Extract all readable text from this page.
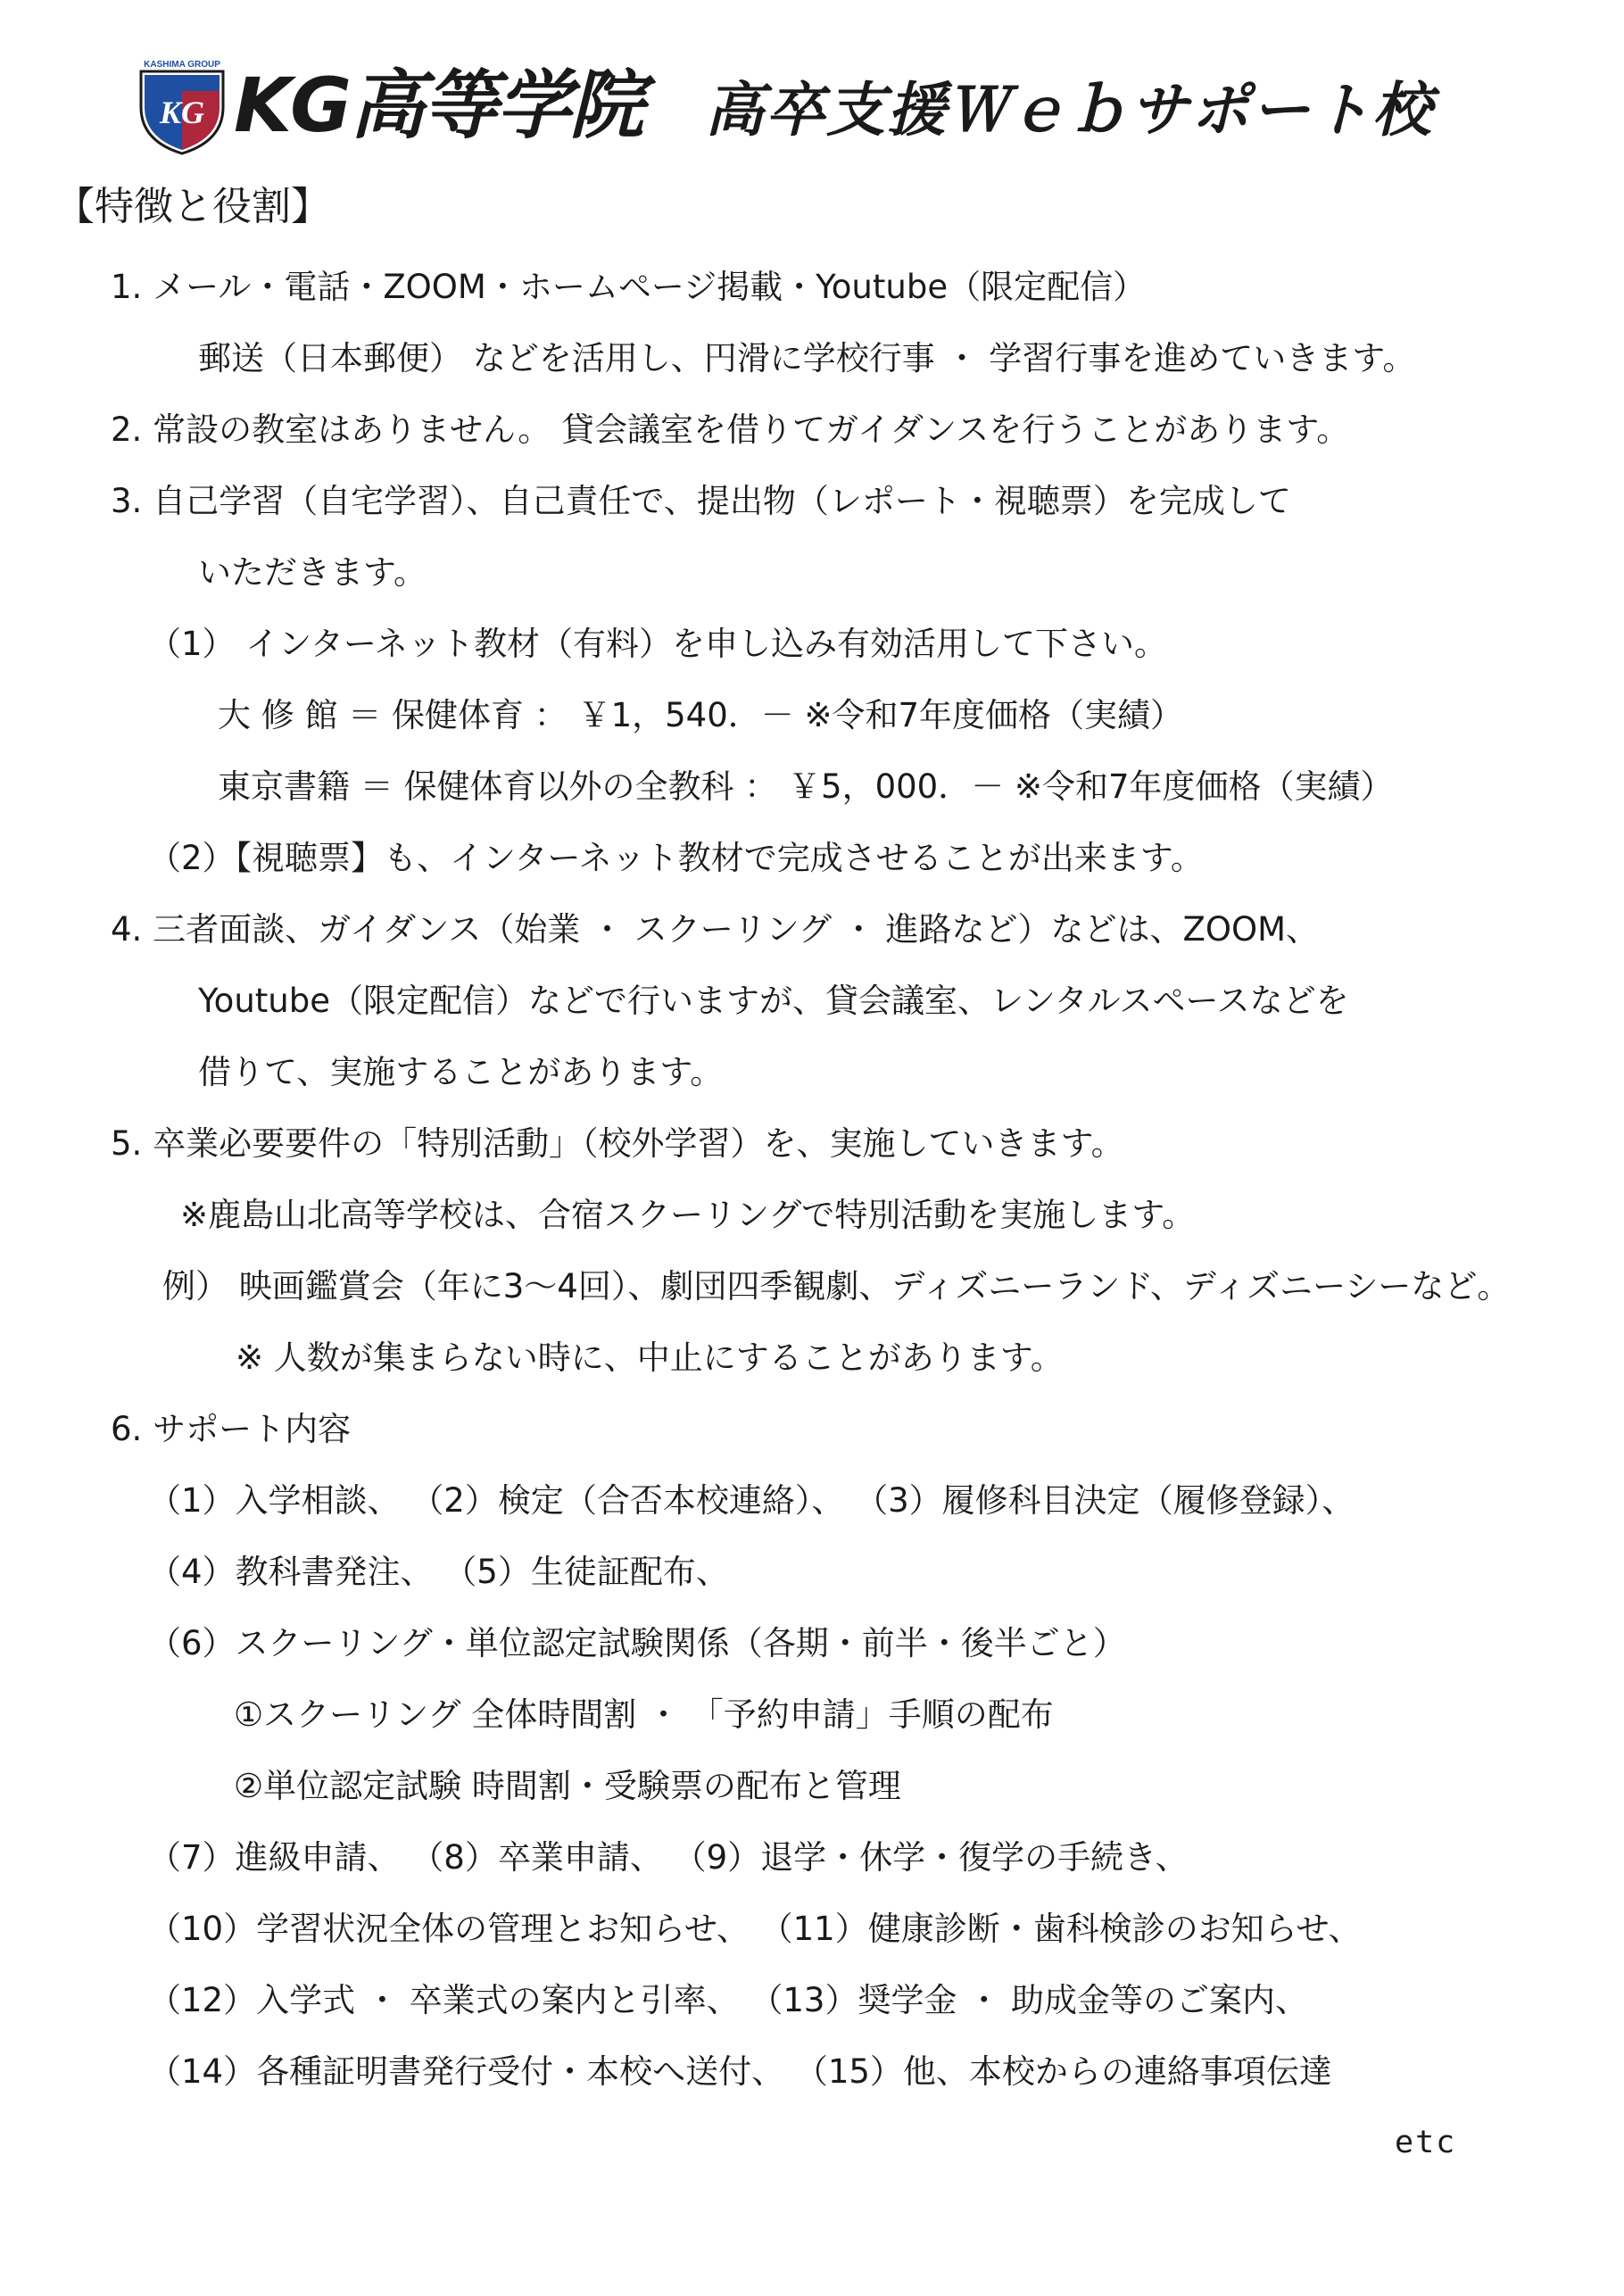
KASHIMA GROUP
KG KG高等学院 高卒支援Ｗｅｂサポート校
【特徴と役割】
1. メール・電話・ZOOM・ホームページ掲載・Youtube（限定配信）
郵送（日本郵便） などを活用し、円滑に学校行事 ・ 学習行事を進めていきます。
2. 常設の教室はありません。 貸会議室を借りてガイダンスを行うことがあります。
3. 自己学習（自宅学習）、自己責任で、提出物（レポート・視聴票）を完成して
いただきます。
（1） インターネット教材（有料）を申し込み有効活用して下さい。
大 修 館 ＝ 保健体育 ： ￥1，540．－ ※令和7年度価格（実績）
東京書籍 ＝ 保健体育以外の全教科 ： ￥5，000．－ ※令和7年度価格（実績）
（2）【視聴票】も、インターネット教材で完成させることが出来ます。
4. 三者面談、ガイダンス（始業 ・ スクーリング ・ 進路など）などは、ZOOM、
Youtube（限定配信）などで行いますが、貸会議室、レンタルスペースなどを
借りて、実施することがあります。
5. 卒業必要要件の「特別活動」（校外学習）を、実施していきます。
※鹿島山北高等学校は、合宿スクーリングで特別活動を実施します。
例） 映画鑑賞会（年に3～4回）、劇団四季観劇、ディズニーランド、ディズニーシーなど。
※ 人数が集まらない時に、中止にすることがあります。
6. サポート内容
（1）入学相談、 （2）検定（合否本校連絡）、 （3）履修科目決定（履修登録）、
（4）教科書発注、 （5）生徒証配布、
（6）スクーリング・単位認定試験関係（各期・前半・後半ごと）
①スクーリング 全体時間割 ・ 「予約申請」手順の配布
②単位認定試験 時間割・受験票の配布と管理
（7）進級申請、 （8）卒業申請、 （9）退学・休学・復学の手続き、
（10）学習状況全体の管理とお知らせ、 （11）健康診断・歯科検診のお知らせ、
（12）入学式 ・ 卒業式の案内と引率、 （13）奨学金 ・ 助成金等のご案内、
（14）各種証明書発行受付・本校へ送付、 （15）他、本校からの連絡事項伝達
etc
